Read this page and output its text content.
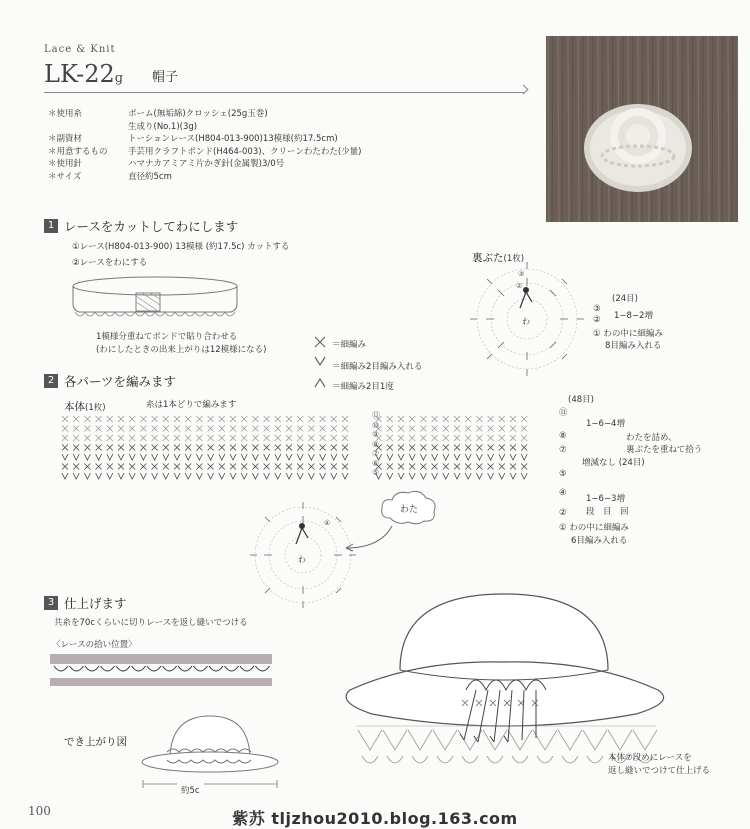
Lace & Knit
LK-22g 帽子
＊使用糸	ボーム(無垢綿)クロッシェ(25g玉巻)
	生成り(No.1)(3g)
＊副資材	トーションレース(H804-013-900)13模様(約17.5cm)
＊用意するもの	手芸用クラフトボンド(H464-003)、クリーンわたわた(少量)
＊使用針	ハマナカアミアミ片かぎ針(金属製)3/0号
＊サイズ	直径約5cm
1 レースをカットしてわにします
①レース(H804-013-900) 13模様 (約17.5c) カットする
②レースをわにする
1模様分重ねてボンドで貼り合わせる
(わにしたときの出来上がりは12模様になる)	＝細編み
＝細編み2目編み入れる
＝細編み2目1度
裏ぶた(1枚)
わ
③
②
(24目)
③
② 1−8−2増
① わの中に細編み
8目編み入れる
2 各パーツを編みます
本体(1枚)	糸は1本どりで編みます
⑪
⑩
⑨
⑧
⑦
⑥
⑤
(48目)
⑪
1−6−4増
⑧	わたを詰め、
裏ぶたを重ねて拾う
⑦
増減なし (24目)
⑤
④
1−6−3増
段　目　回
②
① わの中に細編み
6目編み入れる
わ
④
わた
3 仕上げます
共糸を70cくらいに切りレースを返し縫いでつける
〈レースの拾い位置〉
でき上がり図
約5c
本体⑦段めにレースを
返し縫いでつけて仕上げる
100	紫苏 tljzhou2010.blog.163.com
